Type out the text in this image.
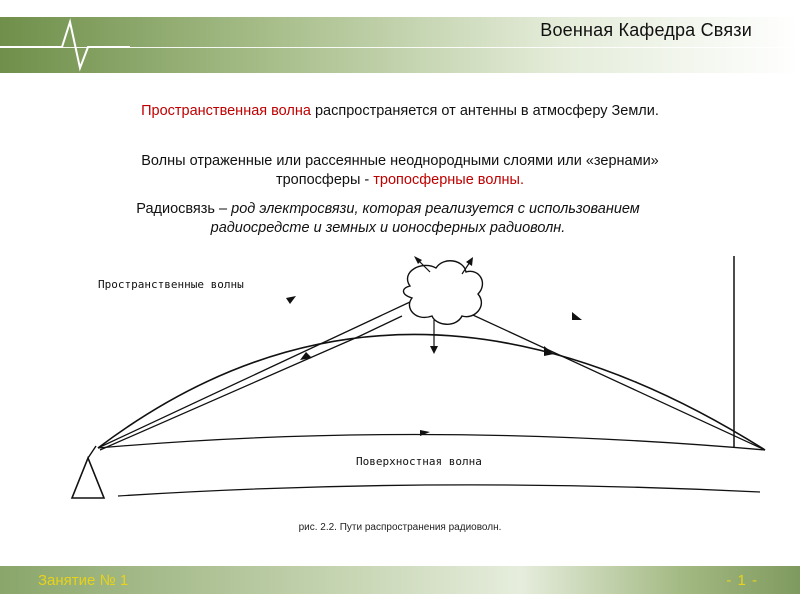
Военная Кафедра Связи
Пространственная волна распространяется от антенны в атмосферу Земли.
Волны отраженные или рассеянные неоднородными слоями или «зернами»
тропосферы - тропосферные волны.
Радиосвязь – род электросвязи, которая реализуется с использованием
радиосредсте и земных и ионосферных радиоволн.
Пространственные волны
Поверхностная волна
рис. 2.2. Пути распространения радиоволн.
Занятие № 1	- 1 -
